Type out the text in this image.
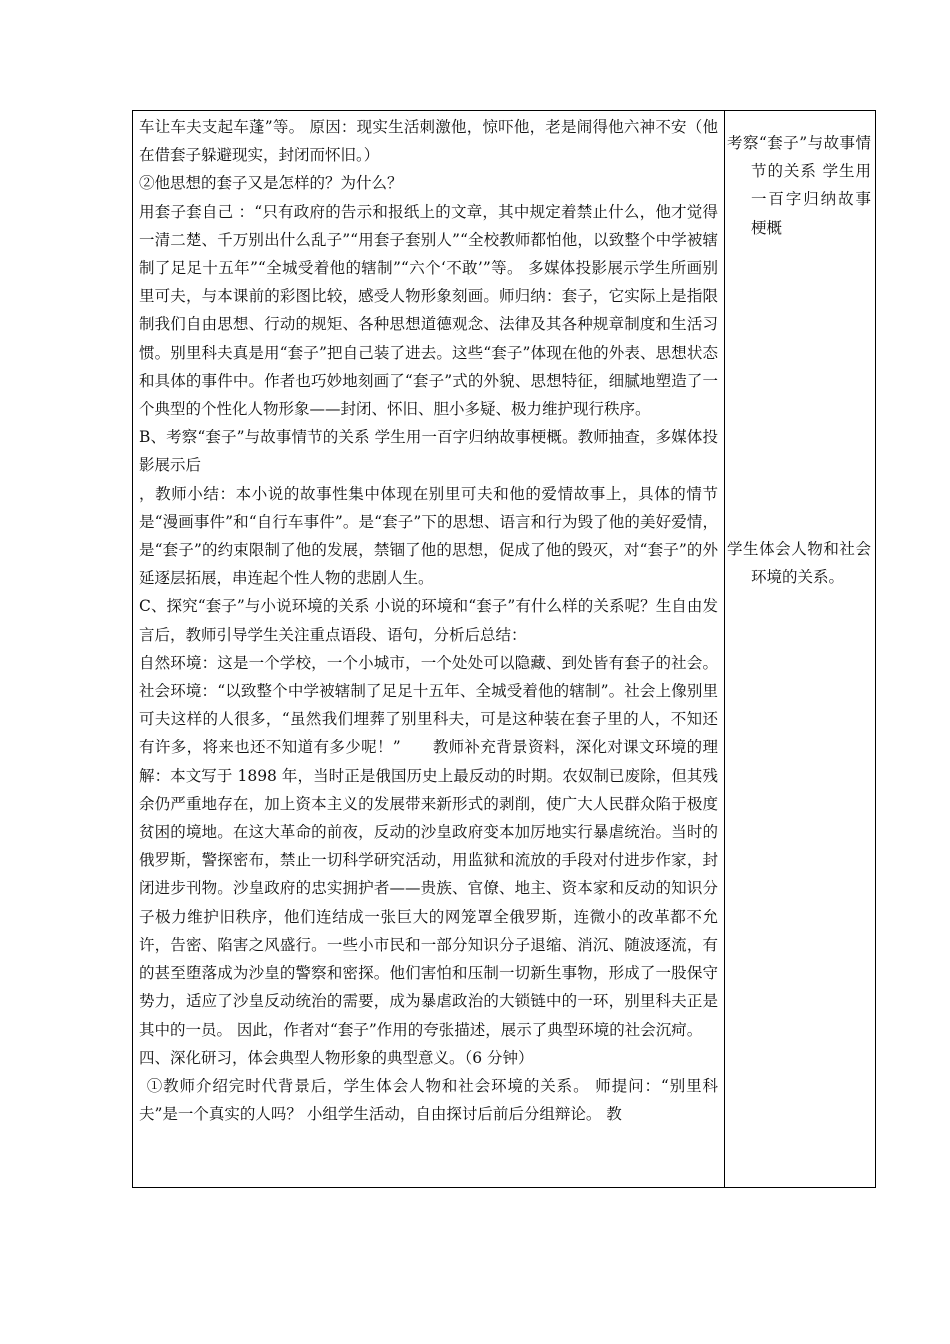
车让车夫支起车蓬”等。 原因：现实生活刺激他，惊吓他，老是闹得他六神不安（他在借套子躲避现实，封闭而怀旧。）

②他思想的套子又是怎样的？为什么？

用套子套自己 ：“只有政府的告示和报纸上的文章，其中规定着禁止什么，他才觉得一清二楚、千万别出什么乱子”“用套子套别人”“全校教师都怕他，以致整个中学被辖制了足足十五年”“全城受着他的辖制”“六个‘不敢’”等。 多媒体投影展示学生所画别里可夫，与本课前的彩图比较，感受人物形象刻画。师归纳：套子，它实际上是指限制我们自由思想、行动的规矩、各种思想道德观念、法律及其各种规章制度和生活习惯。别里科夫真是用“套子”把自己装了进去。这些“套子”体现在他的外表、思想状态和具体的事件中。作者也巧妙地刻画了“套子”式的外貌、思想特征，细腻地塑造了一个典型的个性化人物形象——封闭、怀旧、胆小多疑、极力维护现行秩序。

B、考察“套子”与故事情节的关系 学生用一百字归纳故事梗概。教师抽查，多媒体投影展示后

，教师小结：本小说的故事性集中体现在别里可夫和他的爱情故事上，具体的情节是“漫画事件”和“自行车事件”。是“套子”下的思想、语言和行为毁了他的美好爱情，是“套子”的约束限制了他的发展，禁锢了他的思想，促成了他的毁灭，对“套子”的外延逐层拓展，串连起个性人物的悲剧人生。

C、探究“套子”与小说环境的关系 小说的环境和“套子”有什么样的关系呢？生自由发言后，教师引导学生关注重点语段、语句，分析后总结：

自然环境：这是一个学校，一个小城市，一个处处可以隐藏、到处皆有套子的社会。 社会环境：“以致整个中学被辖制了足足十五年、全城受着他的辖制”。社会上像别里可夫这样的人很多，“虽然我们埋葬了别里科夫，可是这种装在套子里的人，不知还有许多，将来也还不知道有多少呢！”　　教师补充背景资料，深化对课文环境的理解：本文写于 1898 年，当时正是俄国历史上最反动的时期。农奴制已废除，但其残余仍严重地存在，加上资本主义的发展带来新形式的剥削，使广大人民群众陷于极度贫困的境地。在这大革命的前夜，反动的沙皇政府变本加厉地实行暴虐统治。当时的俄罗斯，警探密布，禁止一切科学研究活动，用监狱和流放的手段对付进步作家，封闭进步刊物。沙皇政府的忠实拥护者——贵族、官僚、地主、资本家和反动的知识分子极力维护旧秩序，他们连结成一张巨大的网笼罩全俄罗斯，连微小的改革都不允许，告密、陷害之风盛行。一些小市民和一部分知识分子退缩、消沉、随波逐流，有的甚至堕落成为沙皇的警察和密探。他们害怕和压制一切新生事物，形成了一股保守势力，适应了沙皇反动统治的需要，成为暴虐政治的大锁链中的一环，别里科夫正是其中的一员。 因此，作者对“套子”作用的夸张描述，展示了典型环境的社会沉疴。

四、深化研习，体会典型人物形象的典型意义。（6 分钟）

①教师介绍完时代背景后，学生体会人物和社会环境的关系。 师提问：“别里科夫”是一个真实的人吗？ 小组学生活动，自由探讨后前后分组辩论。 教

考察“套子”与故事情节的关系 学生用一百字归纳故事梗概

学生体会人物和社会环境的关系。
